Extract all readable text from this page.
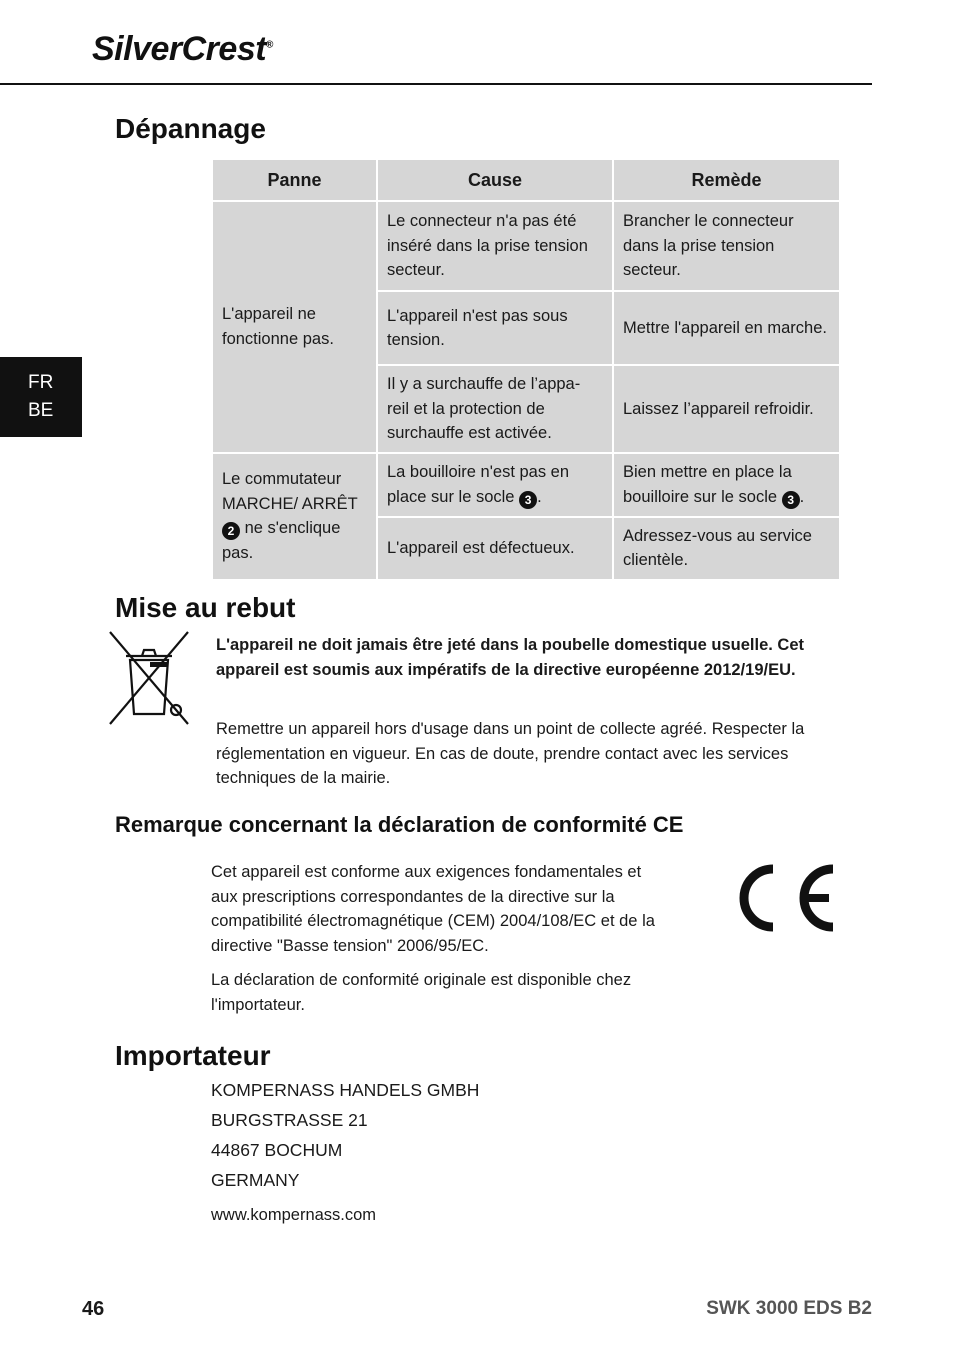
SilverCrest®
FR
BE
Dépannage
Panne	Cause	Remède
L'appareil ne fonctionne pas.	Le connecteur n'a pas été inséré dans la prise tension secteur.	Brancher le connecteur dans la prise tension secteur.
	L'appareil n'est pas sous tension.	Mettre l'appareil en marche.
	Il y a surchauffe de l’appa- reil et la protection de surchauffe est activée.	Laissez l’appareil refroidir.
Le commutateur MARCHE/ ARRÊT 2 ne s'enclique pas.	La bouilloire n'est pas en place sur le socle 3 .	Bien mettre en place la bouilloire sur le socle 3 .
	L'appareil est défectueux.	Adressez-vous au service clientèle.
Mise au rebut

L'appareil ne doit jamais être jeté dans la poubelle domestique usuelle. Cet appareil est soumis aux impératifs de la directive européenne 2012/19/EU.

Remettre un appareil hors d'usage dans un point de collecte agréé. Respecter la réglementation en vigueur. En cas de doute, prendre contact avec les services techniques de la mairie.

Remarque concernant la déclaration de conformité CE

Cet appareil est conforme aux exigences fondamentales et aux prescriptions correspondantes de la directive sur la compatibilité électromagnétique (CEM) 2004/108/EC et de la directive "Basse tension" 2006/95/EC.

La déclaration de conformité originale est disponible chez l'importateur.

Importateur

KOMPERNASS HANDELS GMBH

BURGSTRASSE 21

44867 BOCHUM

GERMANY

www.kompernass.com

46	SWK 3000 EDS B2
